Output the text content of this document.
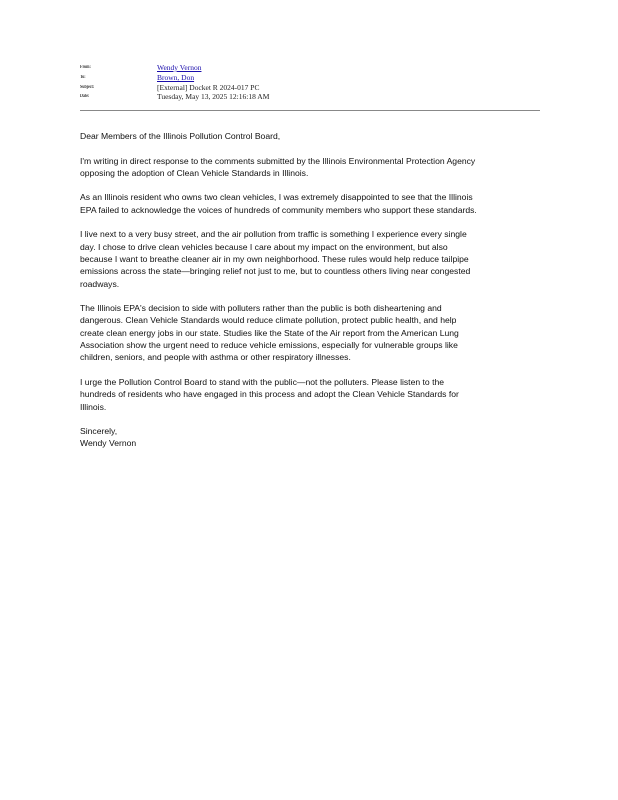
From:	Wendy Vernon
To:	Brown, Don
Subject:	[External] Docket R 2024-017 PC
Date:	Tuesday, May 13, 2025 12:16:18 AM

Dear Members of the Illinois Pollution Control Board,

I'm writing in direct response to the comments submitted by the Illinois Environmental Protection Agency
opposing the adoption of Clean Vehicle Standards in Illinois.

As an Illinois resident who owns two clean vehicles, I was extremely disappointed to see that the Illinois
EPA failed to acknowledge the voices of hundreds of community members who support these standards.

I live next to a very busy street, and the air pollution from traffic is something I experience every single
day. I chose to drive clean vehicles because I care about my impact on the environment, but also
because I want to breathe cleaner air in my own neighborhood. These rules would help reduce tailpipe
emissions across the state—bringing relief not just to me, but to countless others living near congested
roadways.

The Illinois EPA's decision to side with polluters rather than the public is both disheartening and
dangerous. Clean Vehicle Standards would reduce climate pollution, protect public health, and help
create clean energy jobs in our state. Studies like the State of the Air report from the American Lung
Association show the urgent need to reduce vehicle emissions, especially for vulnerable groups like
children, seniors, and people with asthma or other respiratory illnesses.

I urge the Pollution Control Board to stand with the public—not the polluters. Please listen to the
hundreds of residents who have engaged in this process and adopt the Clean Vehicle Standards for
Illinois.

Sincerely,
Wendy Vernon
